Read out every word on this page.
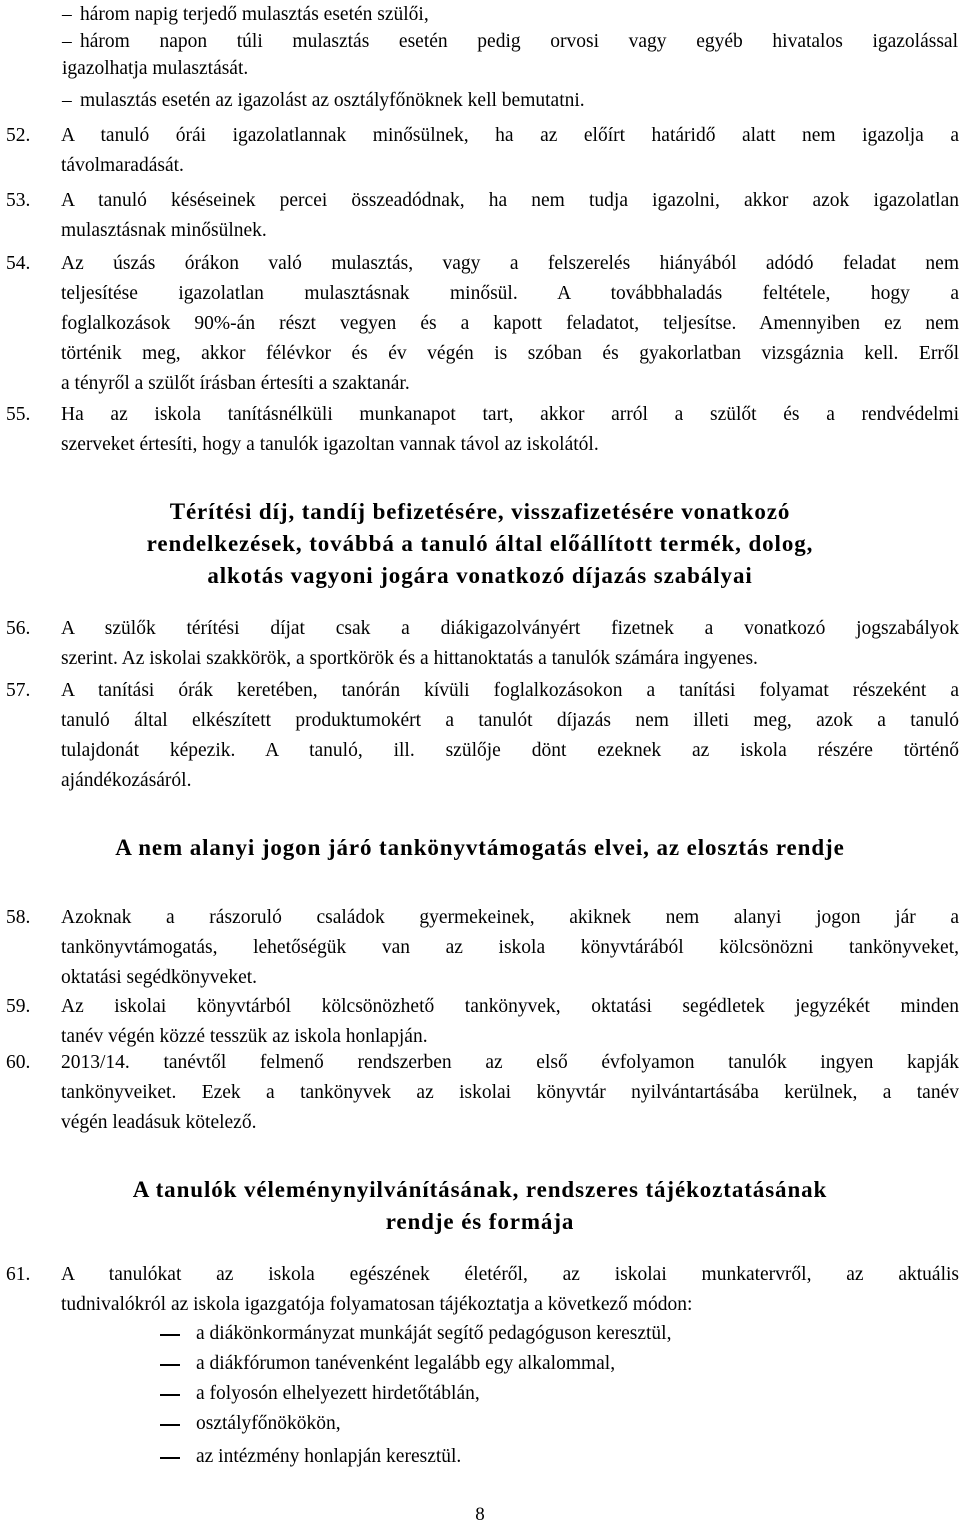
– három napig terjedő mulasztás esetén szülői,
– három napon túli mulasztás esetén pedig orvosi vagy egyéb hivatalos igazolással
igazolhatja mulasztását.
– mulasztás esetén az igazolást az osztályfőnöknek kell bemutatni.
52. A tanuló órái igazolatlannak minősülnek, ha az előírt határidő alatt nem igazolja a
távolmaradását.
53. A tanuló késéseinek percei összeadódnak, ha nem tudja igazolni, akkor azok igazolatlan
mulasztásnak minősülnek.
54. Az úszás órákon való mulasztás, vagy a felszerelés hiányából adódó feladat nem
teljesítése igazolatlan mulasztásnak minősül. A továbbhaladás feltétele, hogy a
foglalkozások 90%-án részt vegyen és a kapott feladatot, teljesítse. Amennyiben ez nem
történik meg, akkor félévkor és év végén is szóban és gyakorlatban vizsgáznia kell. Erről
a tényről a szülőt írásban értesíti a szaktanár.
55. Ha az iskola tanításnélküli munkanapot tart, akkor arról a szülőt és a rendvédelmi
szerveket értesíti, hogy a tanulók igazoltan vannak távol az iskolától.
Térítési díj, tandíj befizetésére, visszafizetésére vonatkozó
rendelkezések, továbbá a tanuló által előállított termék, dolog,
alkotás vagyoni jogára vonatkozó díjazás szabályai
56. A szülők térítési díjat csak a diákigazolványért fizetnek a vonatkozó jogszabályok
szerint. Az iskolai szakkörök, a sportkörök és a hittanoktatás a tanulók számára ingyenes.
57. A tanítási órák keretében, tanórán kívüli foglalkozásokon a tanítási folyamat részeként a
tanuló által elkészített produktumokért a tanulót díjazás nem illeti meg, azok a tanuló
tulajdonát képezik. A tanuló, ill. szülője dönt ezeknek az iskola részére történő
ajándékozásáról.
A nem alanyi jogon járó tankönyvtámogatás elvei, az elosztás rendje
58. Azoknak a rászoruló családok gyermekeinek, akiknek nem alanyi jogon jár a
tankönyvtámogatás, lehetőségük van az iskola könyvtárából kölcsönözni tankönyveket,
oktatási segédkönyveket.
59. Az iskolai könyvtárból kölcsönözhető tankönyvek, oktatási segédletek jegyzékét minden
tanév végén közzé tesszük az iskola honlapján.
60. 2013/14. tanévtől felmenő rendszerben az első évfolyamon tanulók ingyen kapják
tankönyveiket. Ezek a tankönyvek az iskolai könyvtár nyilvántartásába kerülnek, a tanév
végén leadásuk kötelező.
A tanulók véleménynyilvánításának, rendszeres tájékoztatásának
rendje és formája
61. A tanulókat az iskola egészének életéről, az iskolai munkatervről, az aktuális
tudnivalókról az iskola igazgatója folyamatosan tájékoztatja a következő módon:
a diákönkormányzat munkáját segítő pedagóguson keresztül,
a diákfórumon tanévenként legalább egy alkalommal,
a folyosón elhelyezett hirdetőtáblán,
osztályfőnökökön,
az intézmény honlapján keresztül.
8
